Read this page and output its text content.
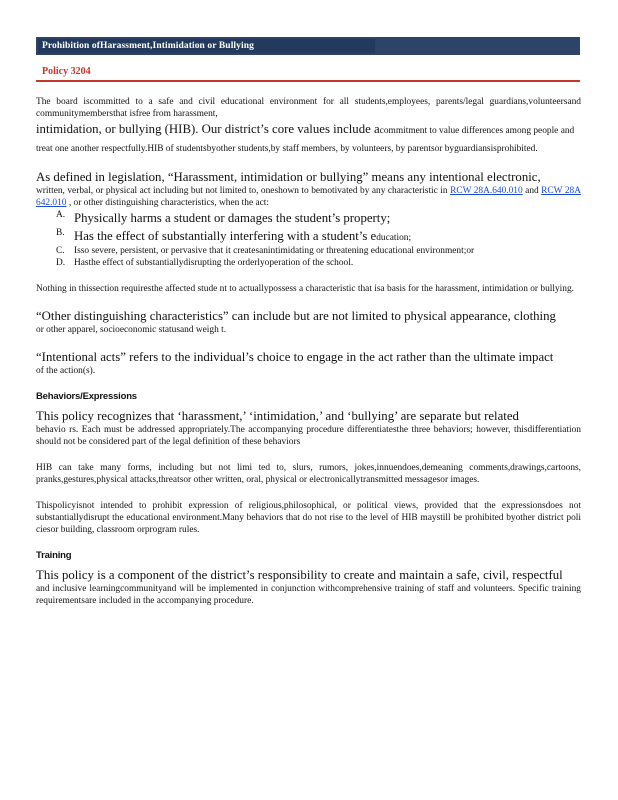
Prohibition ofHarassment,Intimidation or Bullying
Policy 3204

The board iscommitted to a safe and civil educational environment for all students,employees, parents/legal guardians,volunteersand communitymembersthat isfree from harassment,

intimidation, or bullying (HIB). Our district’s core values include acommitment to value differences among people and treat one another respectfully.HIB of studentsbyother students,by staff members, by volunteers, by parentsor byguardiansisprohibited.

As defined in legislation, “Harassment, intimidation or bullying” means any intentional electronic,

written, verbal, or physical act including but not limited to, oneshown to bemotivated by any characteristic in RCW 28A.640.010 and RCW 28A 642.010 , or other distinguishing characteristics, when the act:

A. Physically harms a student or damages the student’s property;
B. Has the effect of substantially interfering with a student’s education;
C. Isso severe, persistent, or pervasive that it createsanintimidating or threatening educational environment;or
D. Hasthe effect of substantiallydisrupting the orderlyoperation of the school.

Nothing in thissection requiresthe affected stude nt to actuallypossess a characteristic that isa basis for the harassment, intimidation or bullying.

“Other distinguishing characteristics” can include but are not limited to physical appearance, clothing

or other apparel, socioeconomic statusand weigh t.

“Intentional acts” refers to the individual’s choice to engage in the act rather than the ultimate impact

of the action(s).

Behaviors/Expressions

This policy recognizes that ‘harassment,’ ‘intimidation,’ and ‘bullying’ are separate but related

behavio rs. Each must be addressed appropriately.The accompanying procedure differentiatesthe three behaviors; however, thisdifferentiation should not be considered part of the legal definition of these behaviors

HIB can take many forms, including but not limi ted to, slurs, rumors, jokes,innuendoes,demeaning comments,drawings,cartoons, pranks,gestures,physical attacks,threatsor other written, oral, physical or electronicallytransmitted messagesor images.

Thispolicyisnot intended to prohibit expression of religious,philosophical, or political views, provided that the expressionsdoes not substantiallydisrupt the educational environment.Many behaviors that do not rise to the level of HIB maystill be prohibited byother district poli ciesor building, classroom orprogram rules.

Training

This policy is a component of the district’s responsibility to create and maintain a safe, civil, respectful

and inclusive learningcommunityand will be implemented in conjunction withcomprehensive training of staff and volunteers. Specific training requirementsare included in the accompanying procedure.
